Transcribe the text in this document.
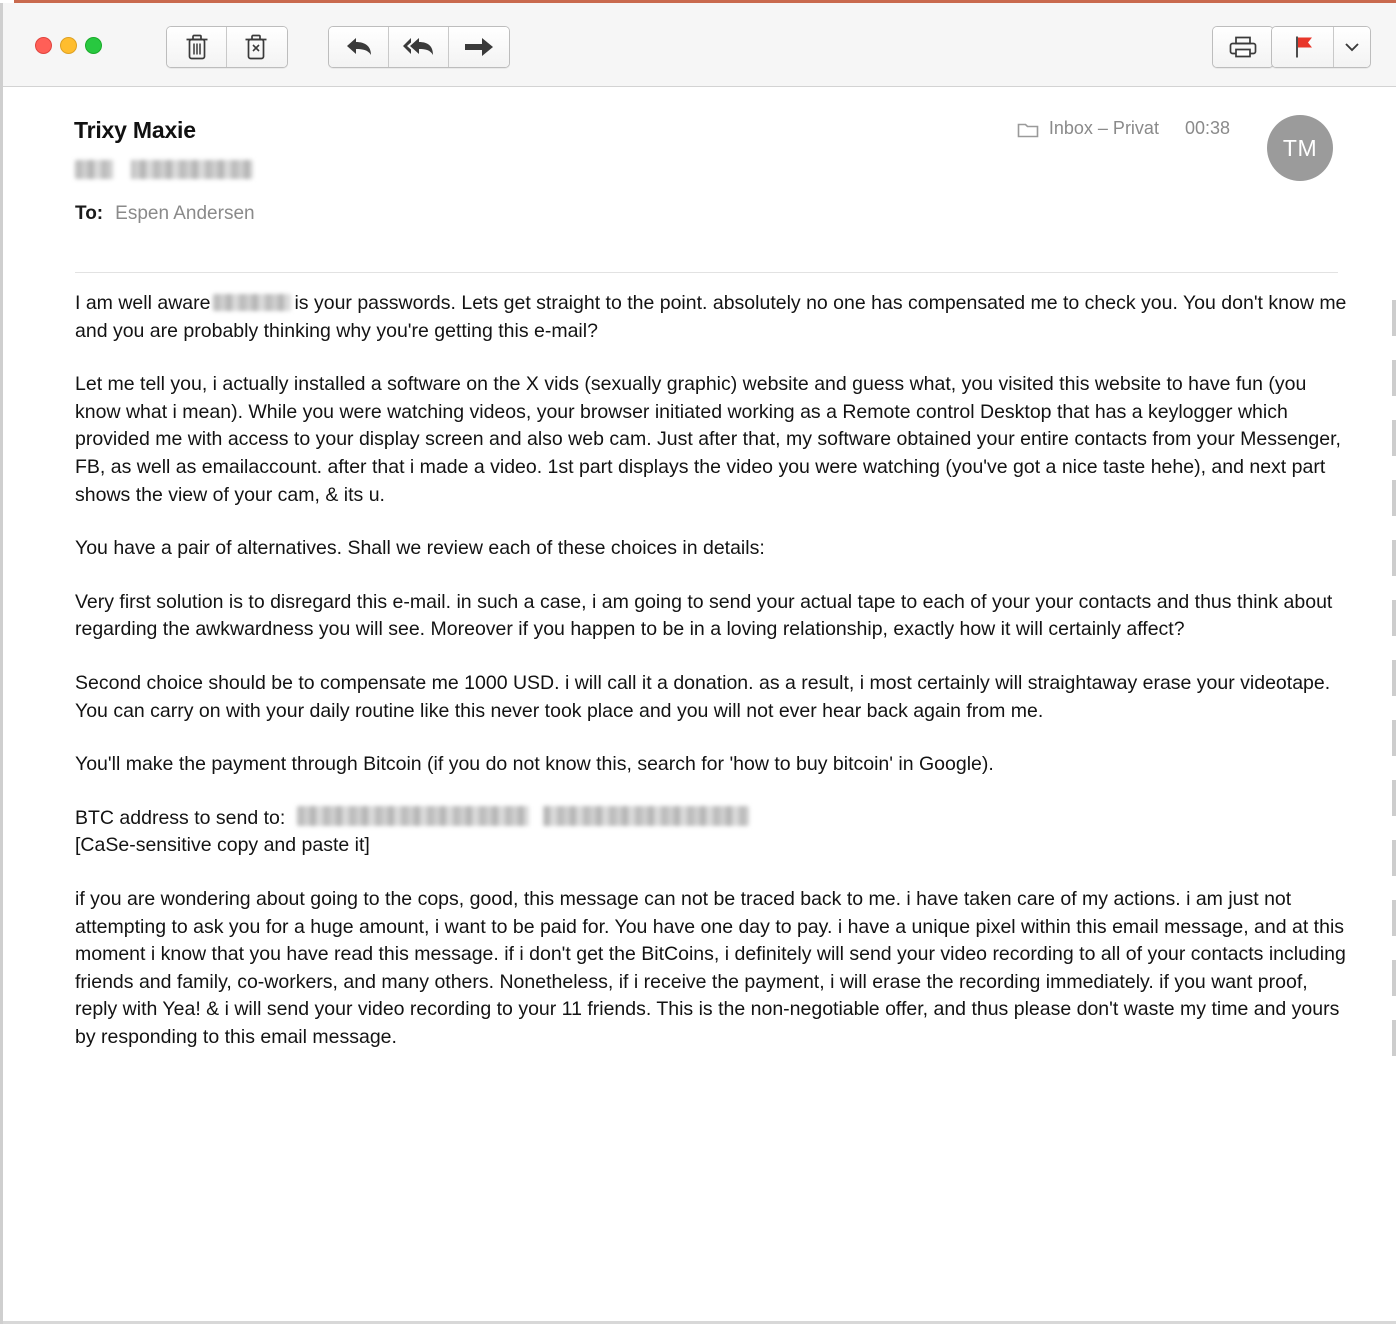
Trixy Maxie
To: Espen Andersen
Inbox – Privat 00:38
TM

I am well aware	is your passwords. Lets get straight to the point. absolutely no one has compensated me to check you. You don't know me and you are probably thinking why you're getting this e-mail?

Let me tell you, i actually installed a software on the X vids (sexually graphic) website and guess what, you visited this website to have fun (you know what i mean). While you were watching videos, your browser initiated working as a Remote control Desktop that has a keylogger which provided me with access to your display screen and also web cam. Just after that, my software obtained your entire contacts from your Messenger, FB, as well as emailaccount. after that i made a video. 1st part displays the video you were watching (you've got a nice taste hehe), and next part shows the view of your cam, & its u.

You have a pair of alternatives. Shall we review each of these choices in details:

Very first solution is to disregard this e-mail. in such a case, i am going to send your actual tape to each of your your contacts and thus think about regarding the awkwardness you will see. Moreover if you happen to be in a loving relationship, exactly how it will certainly affect?

Second choice should be to compensate me 1000 USD. i will call it a donation. as a result, i most certainly will straightaway erase your videotape. You can carry on with your daily routine like this never took place and you will not ever hear back again from me.

You'll make the payment through Bitcoin (if you do not know this, search for 'how to buy bitcoin' in Google).

BTC address to send to:

[CaSe-sensitive copy and paste it]

if you are wondering about going to the cops, good, this message can not be traced back to me. i have taken care of my actions. i am just not attempting to ask you for a huge amount, i want to be paid for. You have one day to pay. i have a unique pixel within this email message, and at this moment i know that you have read this message. if i don't get the BitCoins, i definitely will send your video recording to all of your contacts including friends and family, co-workers, and many others. Nonetheless, if i receive the payment, i will erase the recording immediately. if you want proof, reply with Yea! & i will send your video recording to your 11 friends. This is the non-negotiable offer, and thus please don't waste my time and yours by responding to this email message.
